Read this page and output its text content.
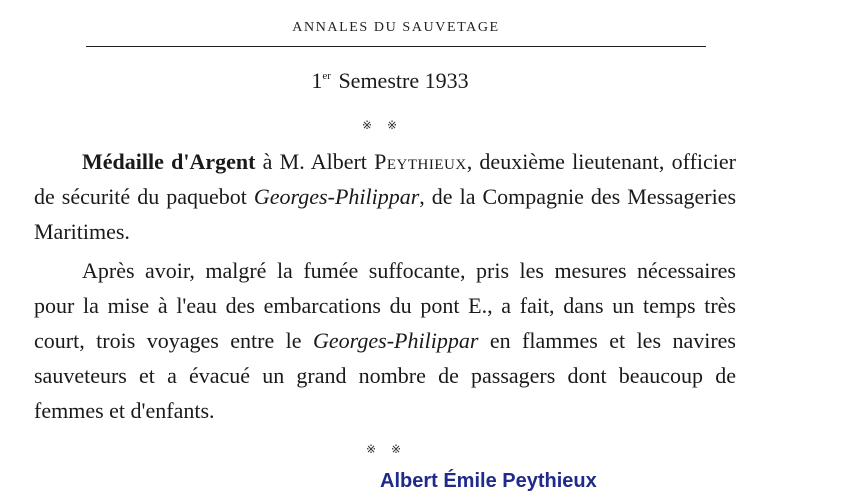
ANNALES DU SAUVETAGE
1er Semestre 1933
※ ※

Médaille d'Argent à M. Albert Peythieux, deuxième lieutenant, officier de sécurité du paquebot Georges-Philippar, de la Compagnie des Messageries Maritimes.

Après avoir, malgré la fumée suffocante, pris les mesures nécessaires pour la mise à l'eau des embarcations du pont E., a fait, dans un temps très court, trois voyages entre le Georges-Philippar en flammes et les navires sauveteurs et a évacué un grand nombre de passagers dont beaucoup de femmes et d'enfants.

※ ※
Albert Émile Peythieux
